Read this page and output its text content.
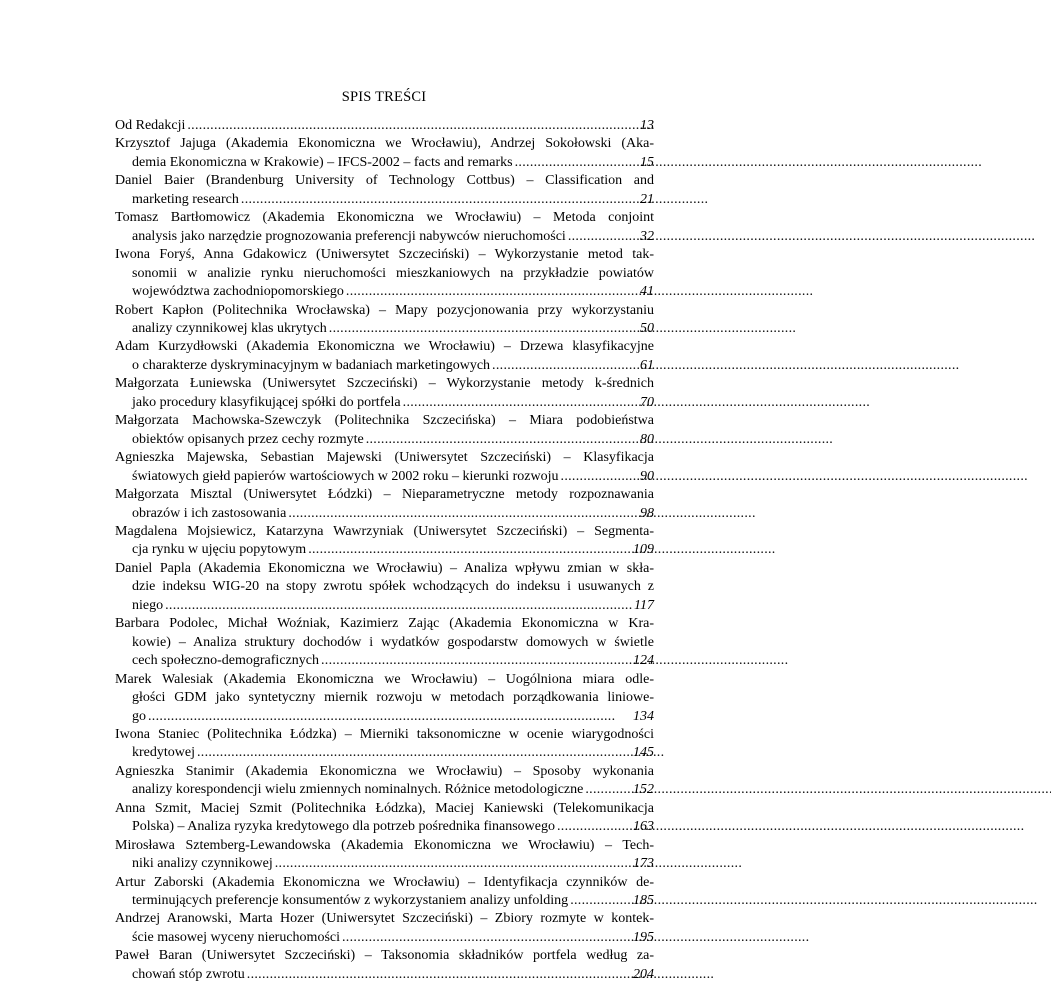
SPIS TREŚCI
Od Redakcji . . .	13
Krzysztof Jajuga (Akademia Ekonomiczna we Wrocławiu), Andrzej Sokołowski (Aka-
demia Ekonomiczna w Krakowie) – IFCS-2002 – facts and remarks . . .	15
Daniel Baier (Brandenburg University of Technology Cottbus) – Classification and
marketing research . . .	21
Tomasz Bartłomowicz (Akademia Ekonomiczna we Wrocławiu) – Metoda conjoint
analysis jako narzędzie prognozowania preferencji nabywców nieruchomości . . .	32
Iwona Foryś, Anna Gdakowicz (Uniwersytet Szczeciński) – Wykorzystanie metod tak-
sonomii w analizie rynku nieruchomości mieszkaniowych na przykładzie powiatów
województwa zachodniopomorskiego . . .	41
Robert Kapłon (Politechnika Wrocławska) – Mapy pozycjonowania przy wykorzystaniu
analizy czynnikowej klas ukrytych . . .	50
Adam Kurzydłowski (Akademia Ekonomiczna we Wrocławiu) – Drzewa klasyfikacyjne
o charakterze dyskryminacyjnym w badaniach marketingowych . . .	61
Małgorzata Łuniewska (Uniwersytet Szczeciński) – Wykorzystanie metody k-średnich
jako procedury klasyfikującej spółki do portfela . . .	70
Małgorzata Machowska-Szewczyk (Politechnika Szczecińska) – Miara podobieństwa
obiektów opisanych przez cechy rozmyte . . .	80
Agnieszka Majewska, Sebastian Majewski (Uniwersytet Szczeciński) – Klasyfikacja
światowych giełd papierów wartościowych w 2002 roku – kierunki rozwoju . . .	90
Małgorzata Misztal (Uniwersytet Łódzki) – Nieparametryczne metody rozpoznawania
obrazów i ich zastosowania . . .	98
Magdalena Mojsiewicz, Katarzyna Wawrzyniak (Uniwersytet Szczeciński) – Segmenta-
cja rynku w ujęciu popytowym . . .	109
Daniel Papla (Akademia Ekonomiczna we Wrocławiu) – Analiza wpływu zmian w skła-
dzie indeksu WIG-20 na stopy zwrotu spółek wchodzących do indeksu i usuwanych z
niego . . .	117
Barbara Podolec, Michał Woźniak, Kazimierz Zając (Akademia Ekonomiczna w Kra-
kowie) – Analiza struktury dochodów i wydatków gospodarstw domowych w świetle
cech społeczno-demograficznych . . .	124
Marek Walesiak (Akademia Ekonomiczna we Wrocławiu) – Uogólniona miara odle-
głości GDM jako syntetyczny miernik rozwoju w metodach porządkowania liniowe-
go . . .	134
Iwona Staniec (Politechnika Łódzka) – Mierniki taksonomiczne w ocenie wiarygodności
kredytowej . . .	145
Agnieszka Stanimir (Akademia Ekonomiczna we Wrocławiu) – Sposoby wykonania
analizy korespondencji wielu zmiennych nominalnych. Różnice metodologiczne . . .	152
Anna Szmit, Maciej Szmit (Politechnika Łódzka), Maciej Kaniewski (Telekomunikacja
Polska) – Analiza ryzyka kredytowego dla potrzeb pośrednika finansowego . . .	163
Mirosława Sztemberg-Lewandowska (Akademia Ekonomiczna we Wrocławiu) – Tech-
niki analizy czynnikowej . . .	173
Artur Zaborski (Akademia Ekonomiczna we Wrocławiu) – Identyfikacja czynników de-
terminujących preferencje konsumentów z wykorzystaniem analizy unfolding . . .	185
Andrzej Aranowski, Marta Hozer (Uniwersytet Szczeciński) – Zbiory rozmyte w kontek-
ście masowej wyceny nieruchomości . . .	195
Paweł Baran (Uniwersytet Szczeciński) – Taksonomia składników portfela według za-
chowań stóp zwrotu . . .	204
